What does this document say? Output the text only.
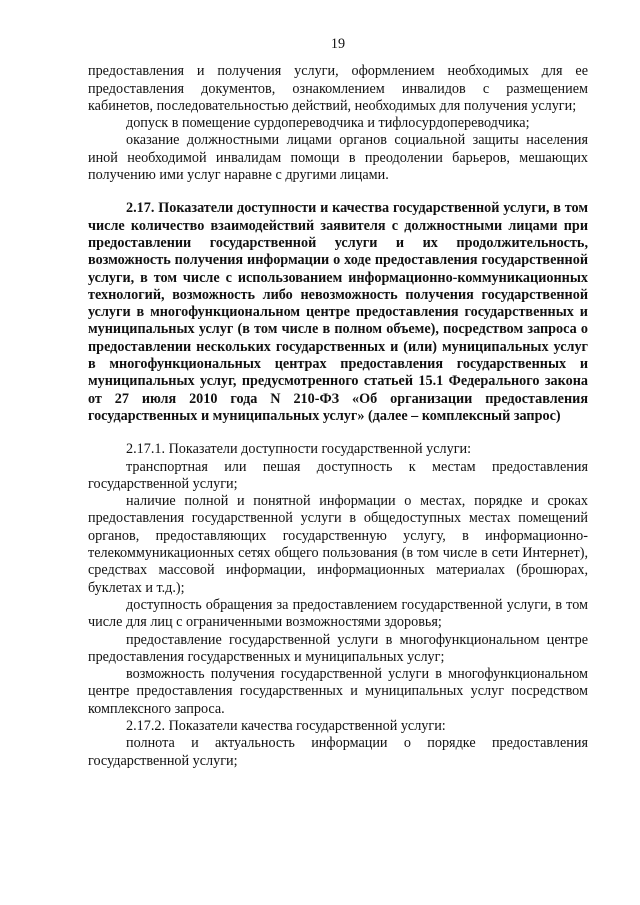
19

предоставления и получения услуги, оформлением необходимых для ее предоставления документов, ознакомлением инвалидов с размещением кабинетов, последовательностью действий, необходимых для получения услуги;

допуск в помещение сурдопереводчика и тифлосурдопереводчика;

оказание должностными лицами органов социальной защиты населения иной необходимой инвалидам помощи в преодолении барьеров, мешающих получению ими услуг наравне с другими лицами.

2.17. Показатели доступности и качества государственной услуги, в том числе количество взаимодействий заявителя с должностными лицами при предоставлении государственной услуги и их продолжительность, возможность получения информации о ходе предоставления государственной услуги, в том числе с использованием информационно-коммуникационных технологий, возможность либо невозможность получения государственной услуги в многофункциональном центре предоставления государственных и муниципальных услуг (в том числе в полном объеме), посредством запроса о предоставлении нескольких государственных и (или) муниципальных услуг в многофункциональных центрах предоставления государственных и муниципальных услуг, предусмотренного статьей 15.1 Федерального закона от 27 июля 2010 года N 210-ФЗ «Об организации предоставления государственных и муниципальных услуг» (далее – комплексный запрос)

2.17.1. Показатели доступности государственной услуги:

транспортная или пешая доступность к местам предоставления государственной услуги;

наличие полной и понятной информации о местах, порядке и сроках предоставления государственной услуги в общедоступных местах помещений органов, предоставляющих государственную услугу, в информационно-телекоммуникационных сетях общего пользования (в том числе в сети Интернет), средствах массовой информации, информационных материалах (брошюрах, буклетах и т.д.);

доступность обращения за предоставлением государственной услуги, в том числе для лиц с ограниченными возможностями здоровья;

предоставление государственной услуги в многофункциональном центре предоставления государственных и муниципальных услуг;

возможность получения государственной услуги в многофункциональном центре предоставления государственных и муниципальных услуг посредством комплексного запроса.

2.17.2. Показатели качества государственной услуги:

полнота и актуальность информации о порядке предоставления государственной услуги;
